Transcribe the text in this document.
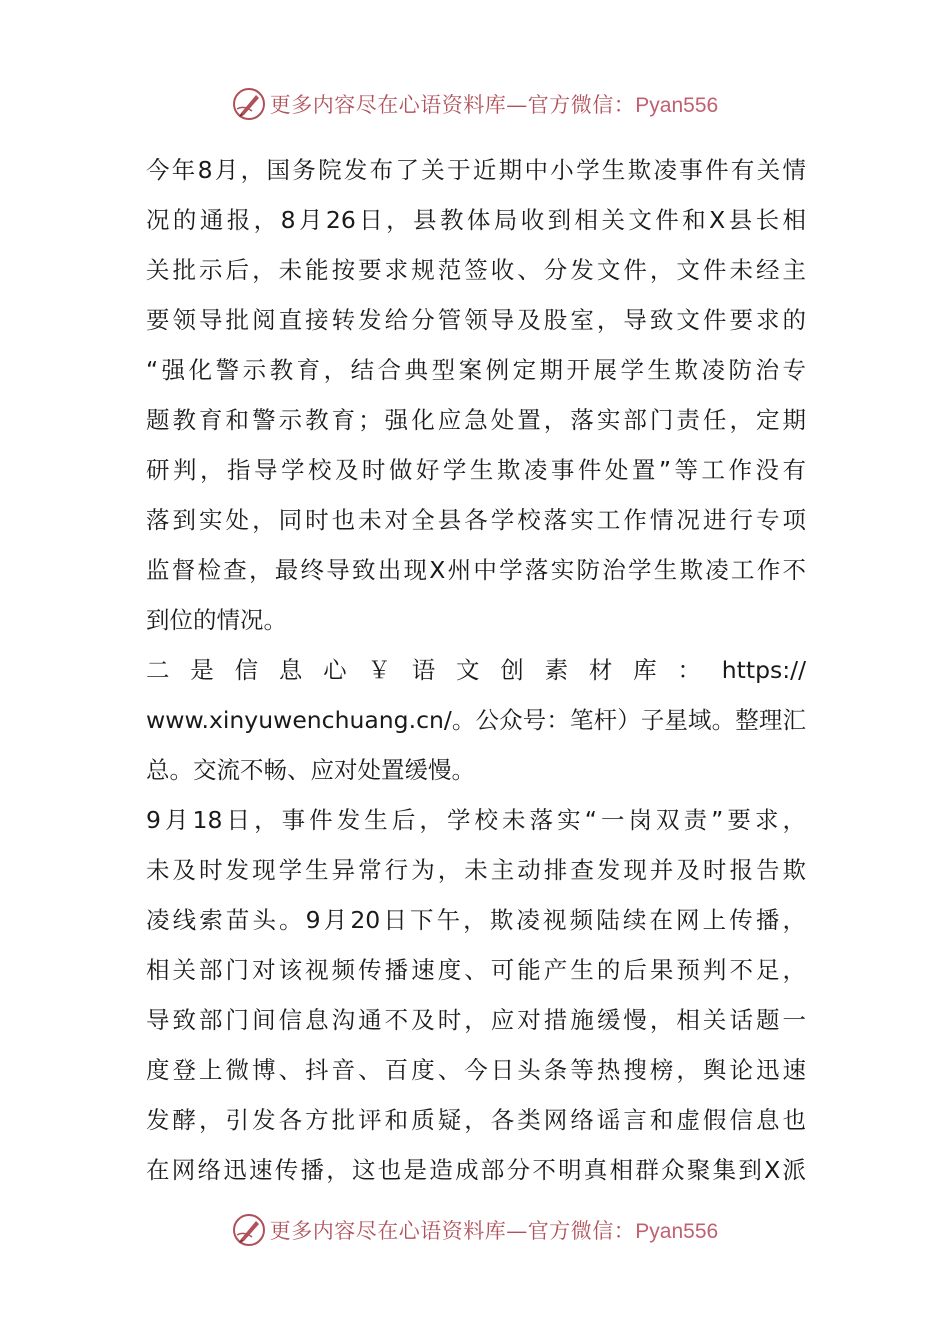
更多内容尽在心语资料库—官方微信：Pyan556
今年8月，国务院发布了关于近期中小学生欺凌事件有关情
况的通报，8月26日，县教体局收到相关文件和X县长相
关批示后，未能按要求规范签收、分发文件，文件未经主
要领导批阅直接转发给分管领导及股室，导致文件要求的
“强化警示教育，结合典型案例定期开展学生欺凌防治专
题教育和警示教育；强化应急处置，落实部门责任，定期
研判，指导学校及时做好学生欺凌事件处置”等工作没有
落到实处，同时也未对全县各学校落实工作情况进行专项
监督检查，最终导致出现X州中学落实防治学生欺凌工作不
到位的情况。
二 是 信 息 心 ￥ 语 文 创 素 材 库 ： https://
www.xinyuwenchuang.cn/。公众号：笔杆）子星域。整理汇
总。交流不畅、应对处置缓慢。
9月18日，事件发生后，学校未落实“一岗双责”要求，
未及时发现学生异常行为，未主动排查发现并及时报告欺
凌线索苗头。9月20日下午，欺凌视频陆续在网上传播，
相关部门对该视频传播速度、可能产生的后果预判不足，
导致部门间信息沟通不及时，应对措施缓慢，相关话题一
度登上微博、抖音、百度、今日头条等热搜榜，舆论迅速
发酵，引发各方批评和质疑，各类网络谣言和虚假信息也
在网络迅速传播，这也是造成部分不明真相群众聚集到X派
更多内容尽在心语资料库—官方微信：Pyan556
